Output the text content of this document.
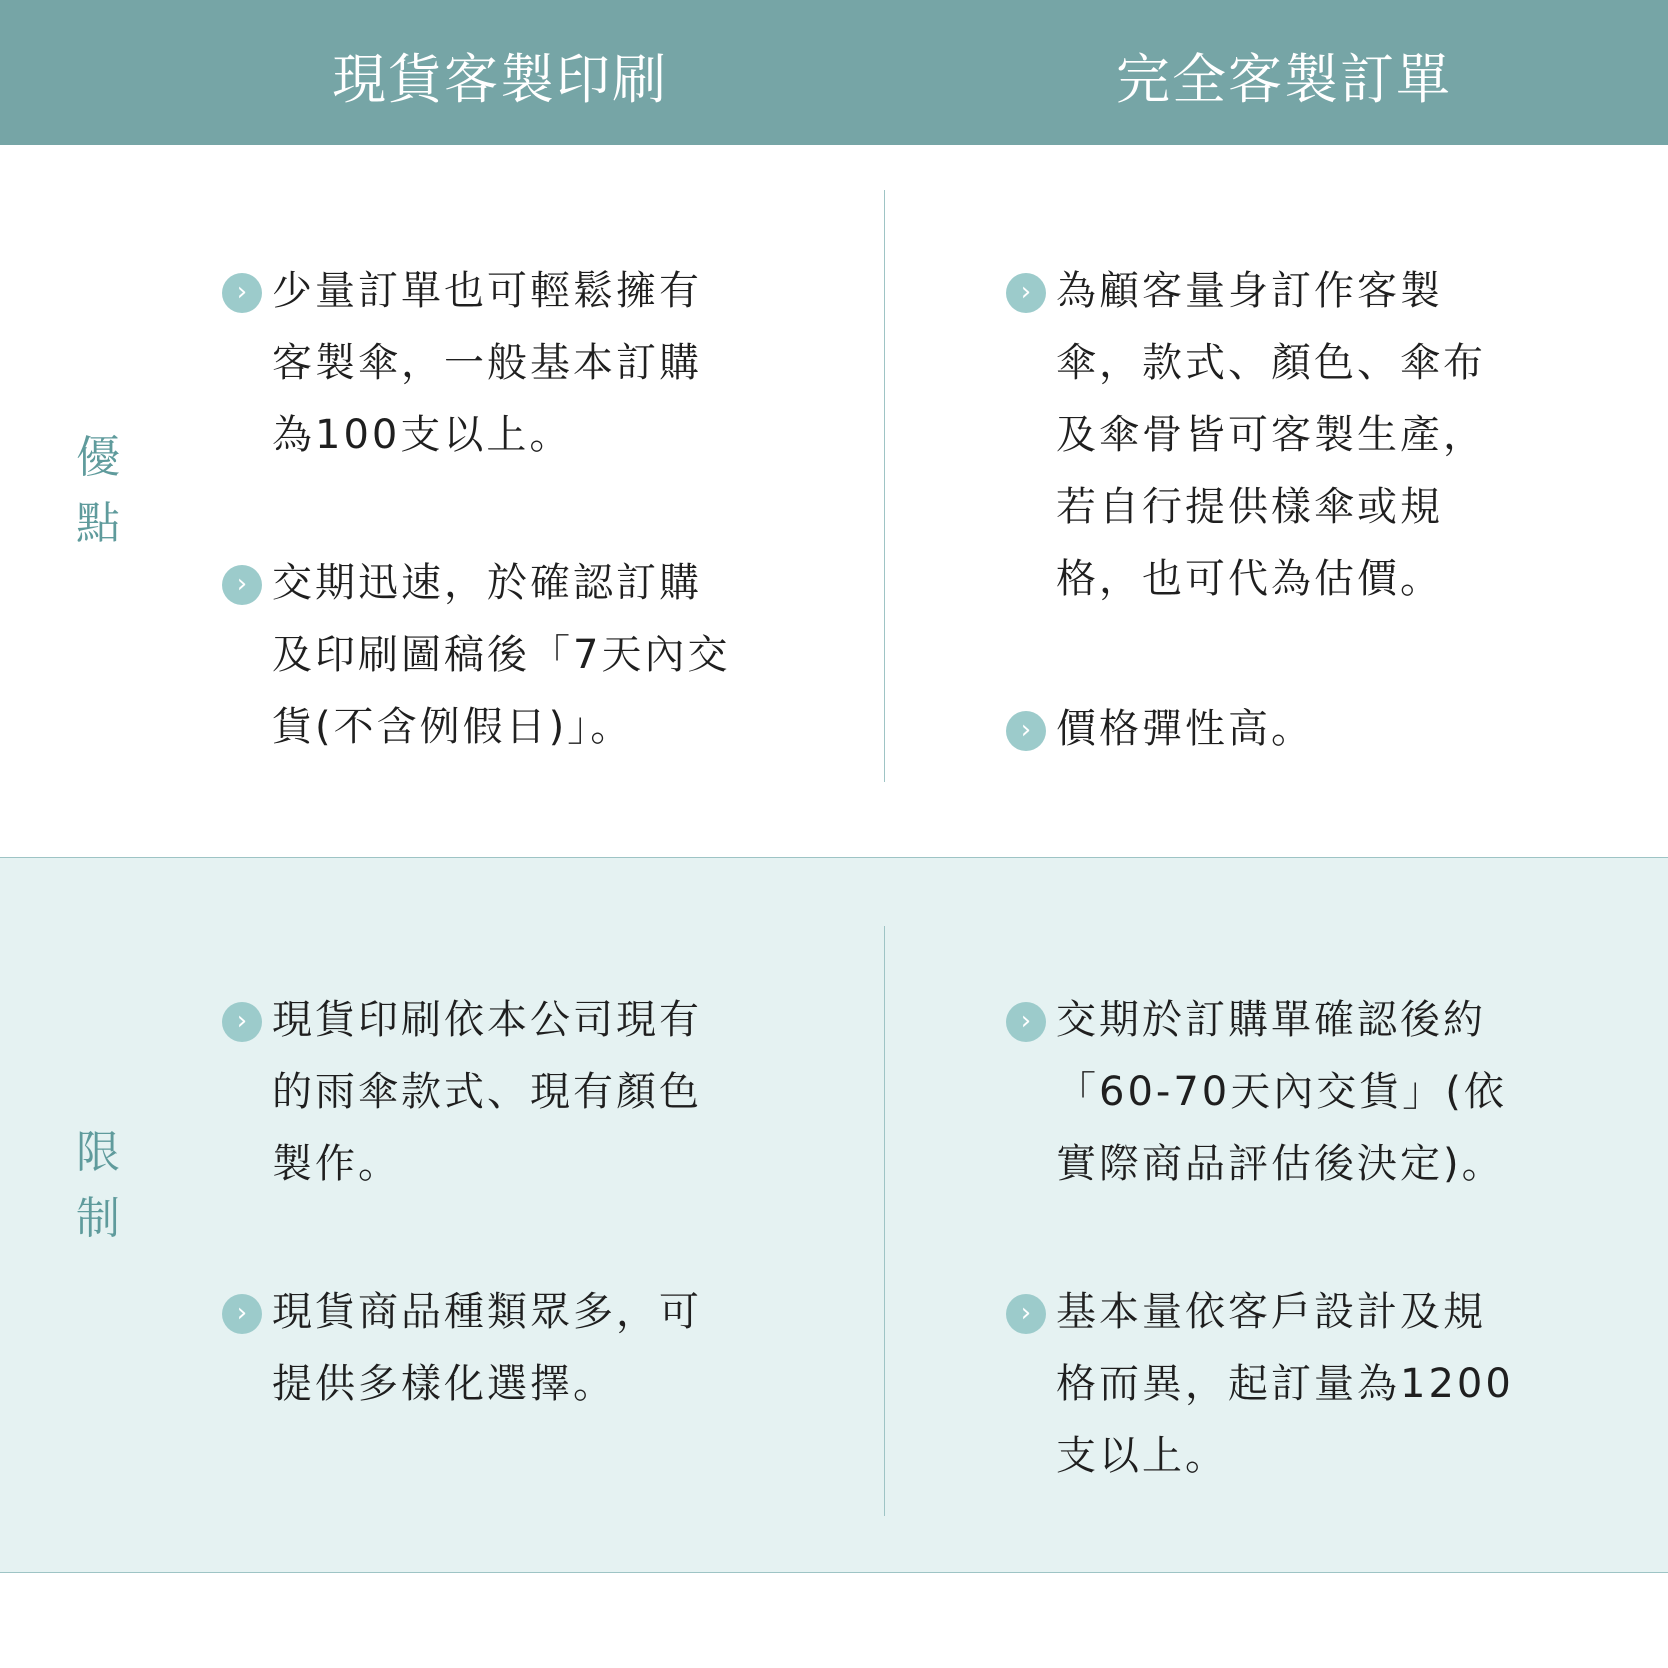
現貨客製印刷	完全客製訂單
優
點
› 少量訂單也可輕鬆擁有客製傘，一般基本訂購為100支以上。
› 交期迅速，於確認訂購及印刷圖稿後「7天內交貨(不含例假日)」。
› 為顧客量身訂作客製傘，款式、顏色、傘布及傘骨皆可客製生產，若自行提供樣傘或規格，也可代為估價。
› 價格彈性高。
限
制
› 現貨印刷依本公司現有的雨傘款式、現有顏色製作。
› 現貨商品種類眾多，可提供多樣化選擇。
› 交期於訂購單確認後約「60-70天內交貨」(依實際商品評估後決定)。
› 基本量依客戶設計及規格而異，起訂量為1200支以上。
